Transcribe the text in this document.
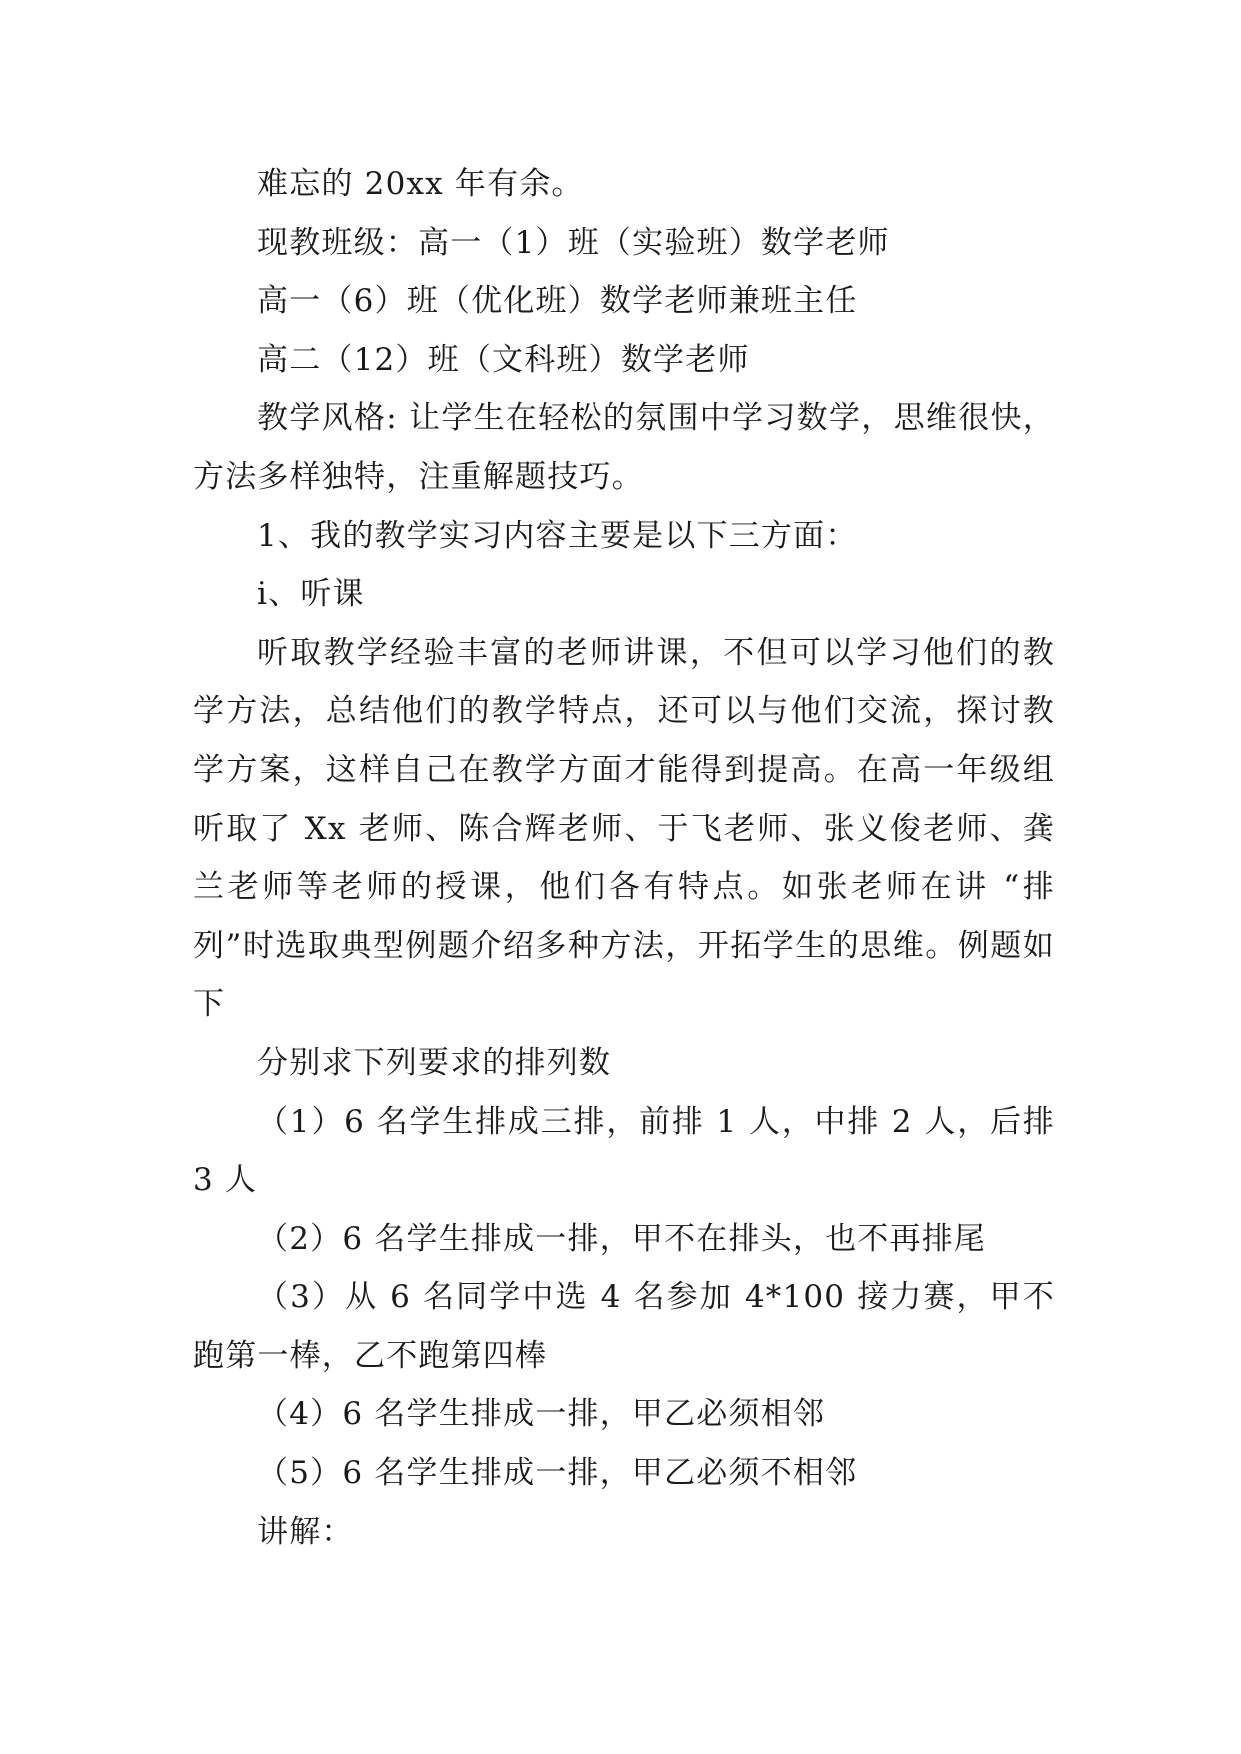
难忘的 20xx 年有余。

现教班级：高一（1）班（实验班）数学老师

高一（6）班（优化班）数学老师兼班主任

高二（12）班（文科班）数学老师

教学风格: 让学生在轻松的氛围中学习数学，思维很快，方法多样独特，注重解题技巧。

1、我的教学实习内容主要是以下三方面：

ⅰ、听课

听取教学经验丰富的老师讲课，不但可以学习他们的教学方法，总结他们的教学特点，还可以与他们交流，探讨教学方案，这样自己在教学方面才能得到提高。在高一年级组听取了 Xx 老师、陈合辉老师、于飞老师、张义俊老师、龚兰老师等老师的授课，他们各有特点。如张老师在讲 “排列”时选取典型例题介绍多种方法，开拓学生的思维。例题如下

分别求下列要求的排列数

（1）6 名学生排成三排，前排 1 人，中排 2 人，后排 3 人

（2）6 名学生排成一排，甲不在排头，也不再排尾

（3）从 6 名同学中选 4 名参加 4*100 接力赛，甲不跑第一棒，乙不跑第四棒

（4）6 名学生排成一排，甲乙必须相邻

（5）6 名学生排成一排，甲乙必须不相邻

讲解：
